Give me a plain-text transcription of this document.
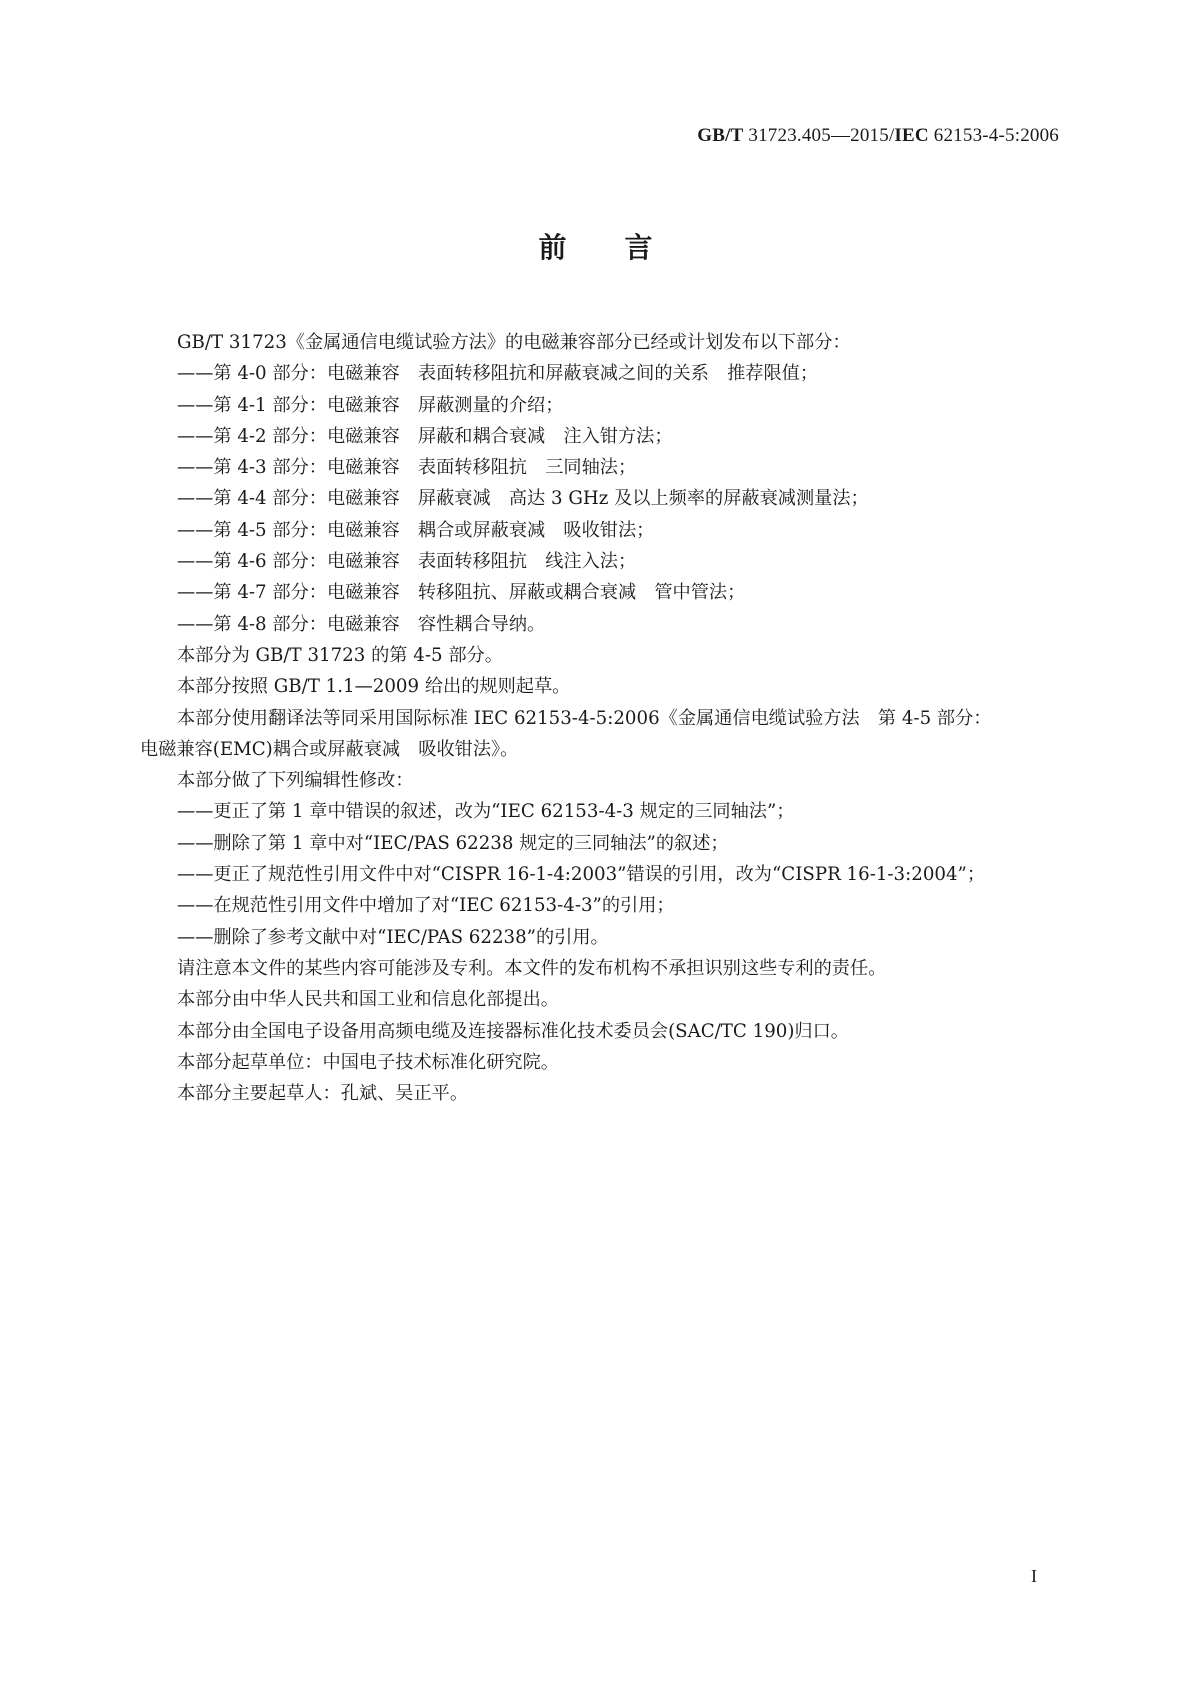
GB/T 31723.405—2015/IEC 62153-4-5:2006
前言

GB/T 31723《金属通信电缆试验方法》的电磁兼容部分已经或计划发布以下部分：

——第 4-0 部分：电磁兼容　表面转移阻抗和屏蔽衰减之间的关系　推荐限值；

——第 4-1 部分：电磁兼容　屏蔽测量的介绍；

——第 4-2 部分：电磁兼容　屏蔽和耦合衰减　注入钳方法；

——第 4-3 部分：电磁兼容　表面转移阻抗　三同轴法；

——第 4-4 部分：电磁兼容　屏蔽衰减　高达 3 GHz 及以上频率的屏蔽衰减测量法；

——第 4-5 部分：电磁兼容　耦合或屏蔽衰减　吸收钳法；

——第 4-6 部分：电磁兼容　表面转移阻抗　线注入法；

——第 4-7 部分：电磁兼容　转移阻抗、屏蔽或耦合衰减　管中管法；

——第 4-8 部分：电磁兼容　容性耦合导纳。

本部分为 GB/T 31723 的第 4-5 部分。

本部分按照 GB/T 1.1—2009 给出的规则起草。

本部分使用翻译法等同采用国际标准 IEC 62153-4-5:2006《金属通信电缆试验方法　第 4-5 部分：
电磁兼容(EMC)耦合或屏蔽衰减　吸收钳法》。

本部分做了下列编辑性修改：

——更正了第 1 章中错误的叙述，改为“IEC 62153-4-3 规定的三同轴法”；

——删除了第 1 章中对“IEC/PAS 62238 规定的三同轴法”的叙述；

——更正了规范性引用文件中对“CISPR 16-1-4:2003”错误的引用，改为“CISPR 16-1-3:2004”；

——在规范性引用文件中增加了对“IEC 62153-4-3”的引用；

——删除了参考文献中对“IEC/PAS 62238”的引用。

请注意本文件的某些内容可能涉及专利。本文件的发布机构不承担识别这些专利的责任。

本部分由中华人民共和国工业和信息化部提出。

本部分由全国电子设备用高频电缆及连接器标准化技术委员会(SAC/TC 190)归口。

本部分起草单位：中国电子技术标准化研究院。

本部分主要起草人：孔斌、吴正平。

I
